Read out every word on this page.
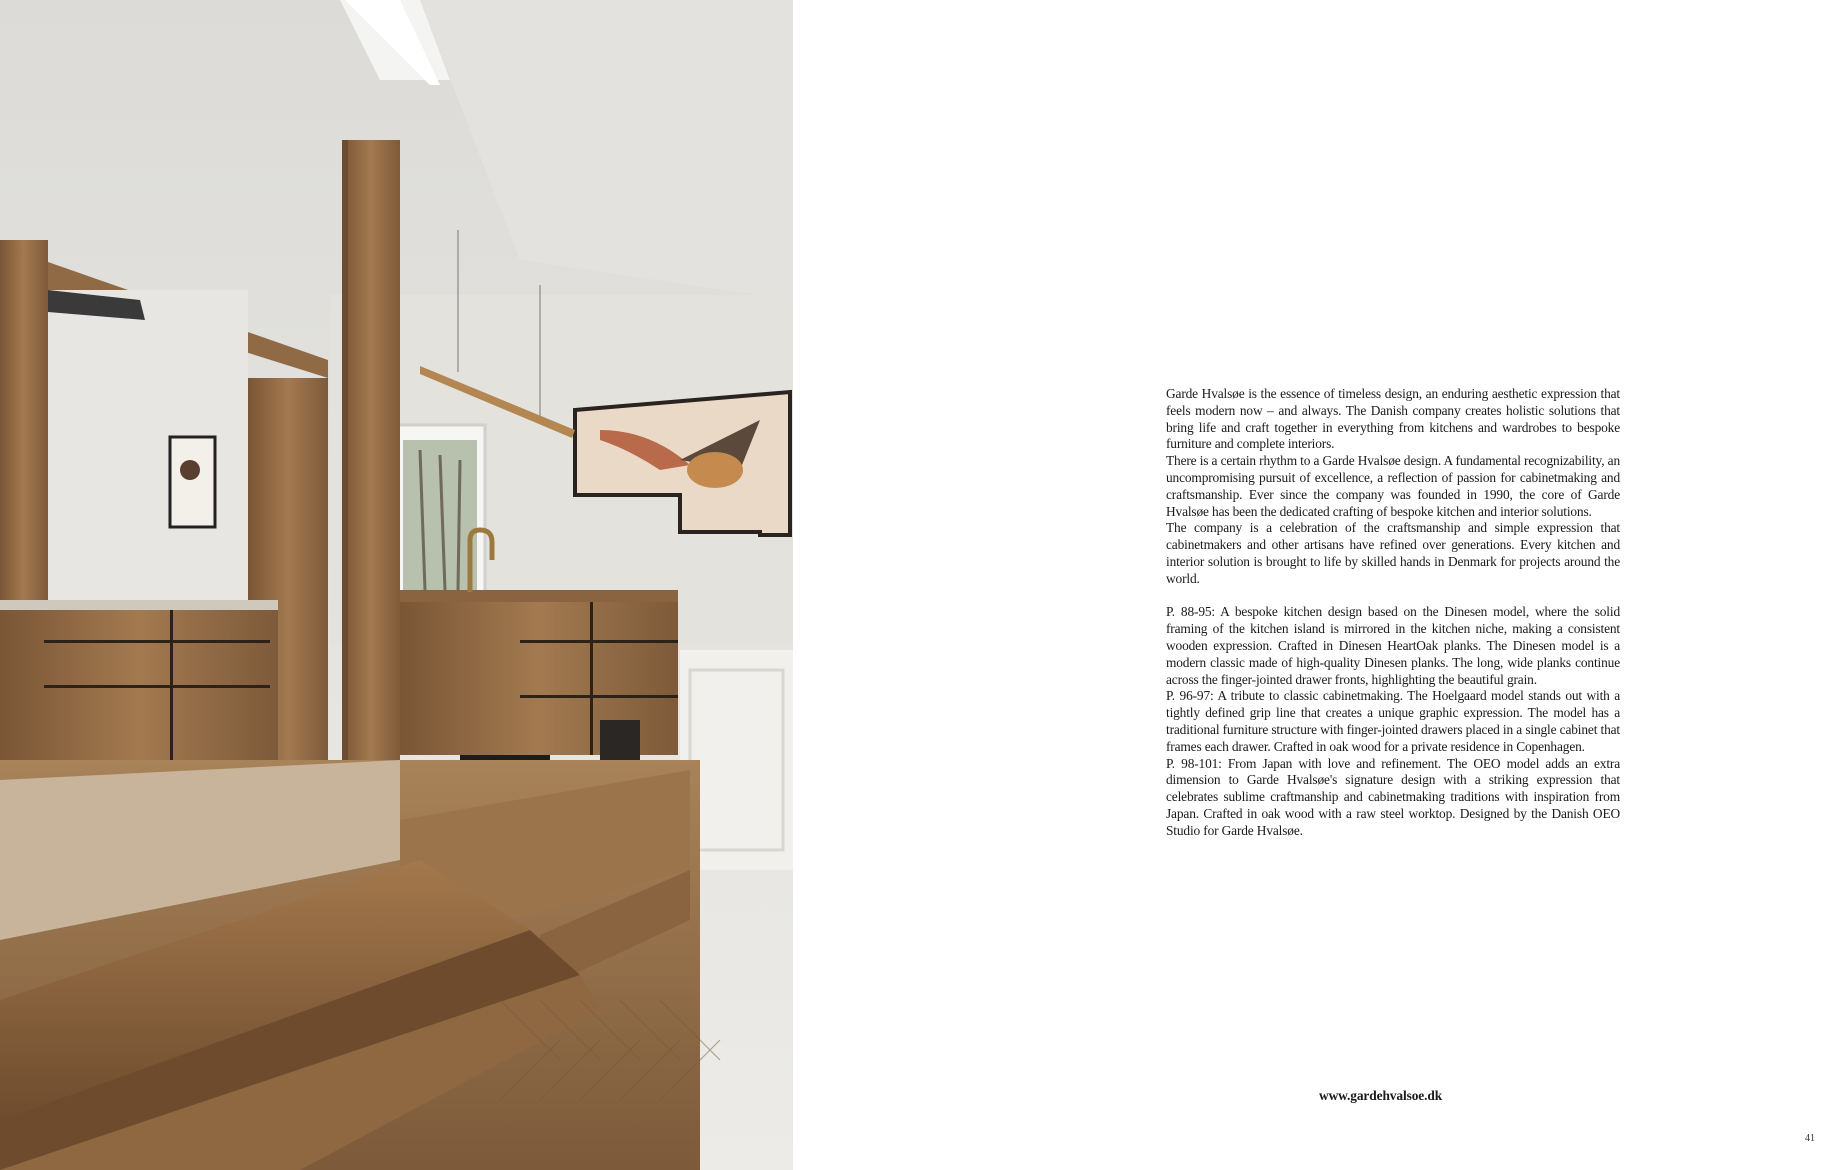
Garde Hvalsøe is the essence of timeless design, an enduring aesthetic expression that feels modern now – and always. The Danish company creates holistic solutions that bring life and craft together in everything from kitchens and wardrobes to bespoke furniture and complete interiors.

There is a certain rhythm to a Garde Hvalsøe design. A fundamental recognizability, an uncompromising pursuit of excellence, a reflection of passion for cabinetmaking and craftsmanship. Ever since the company was founded in 1990, the core of Garde Hvalsøe has been the dedicated crafting of bespoke kitchen and interior solutions.

The company is a celebration of the craftsmanship and simple expression that cabinetmakers and other artisans have refined over generations. Every kitchen and interior solution is brought to life by skilled hands in Denmark for projects around the world.

P. 88-95: A bespoke kitchen design based on the Dinesen model, where the solid framing of the kitchen island is mirrored in the kitchen niche, making a consistent wooden expression. Crafted in Dinesen HeartOak planks. The Dinesen model is a modern classic made of high-quality Dinesen planks. The long, wide planks continue across the finger-jointed drawer fronts, highlighting the beautiful grain.

P. 96-97: A tribute to classic cabinetmaking. The Hoelgaard model stands out with a tightly defined grip line that creates a unique graphic expression. The model has a traditional furniture structure with finger-jointed drawers placed in a single cabinet that frames each drawer. Crafted in oak wood for a private residence in Copenhagen.

P. 98-101: From Japan with love and refinement. The OEO model adds an extra dimension to Garde Hvalsøe's signature design with a striking expression that celebrates sublime craftmanship and cabinetmaking traditions with inspiration from Japan. Crafted in oak wood with a raw steel worktop. Designed by the Danish OEO Studio for Garde Hvalsøe.

www.gardehvalsoe.dk
41
